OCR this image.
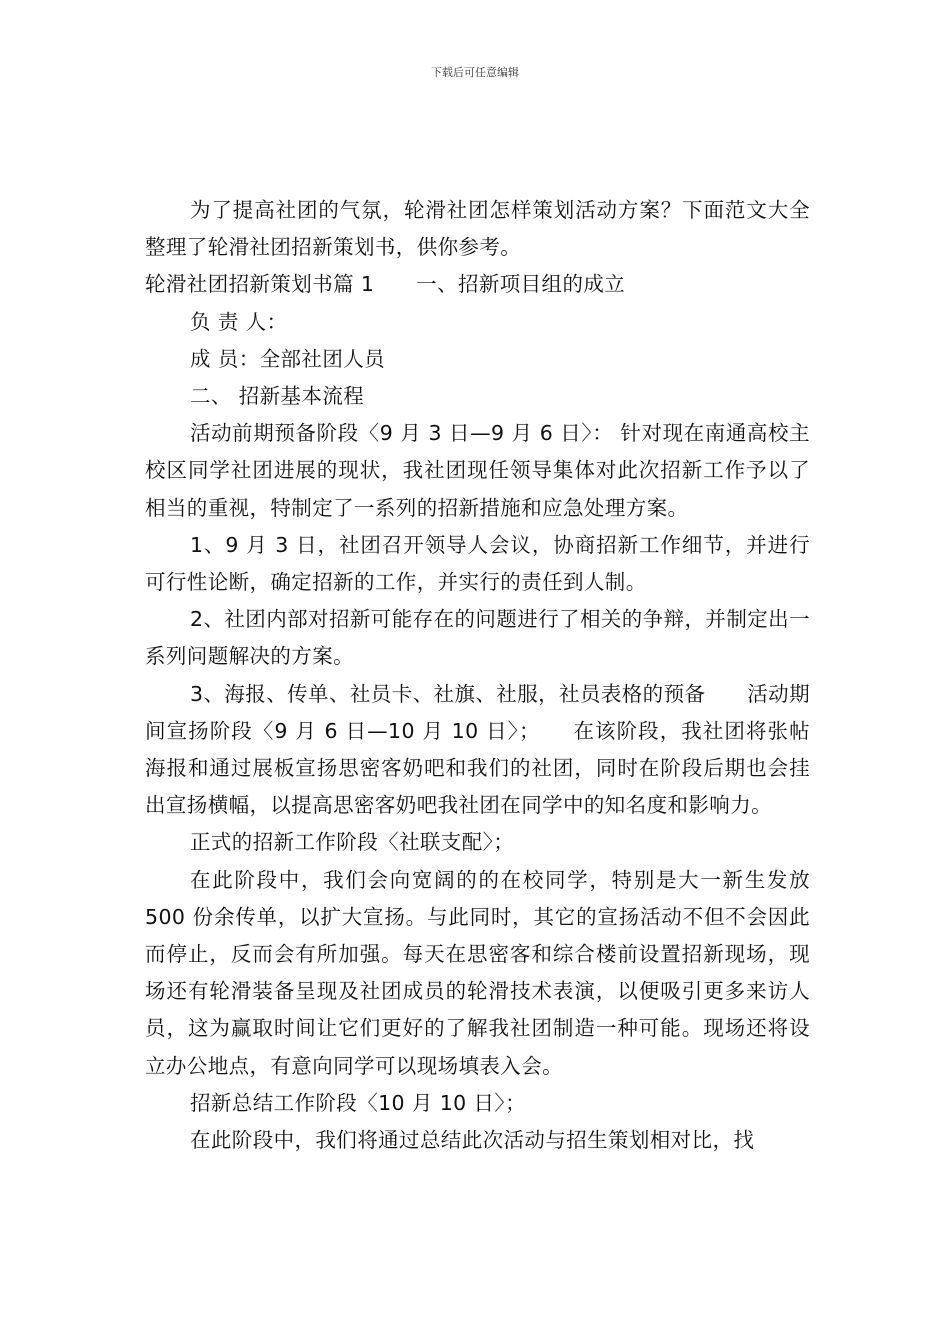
下载后可任意编辑

为了提高社团的气氛，轮滑社团怎样策划活动方案？下面范文大全整理了轮滑社团招新策划书，供你参考。

轮滑社团招新策划书篇 1　　一、招新项目组的成立

负 责 人：

成 员：全部社团人员

二、 招新基本流程

活动前期预备阶段〈9 月 3 日—9 月 6 日〉： 针对现在南通高校主校区同学社团进展的现状，我社团现任领导集体对此次招新工作予以了相当的重视，特制定了一系列的招新措施和应急处理方案。

1、9 月 3 日，社团召开领导人会议，协商招新工作细节，并进行可行性论断，确定招新的工作，并实行的责任到人制。

2、社团内部对招新可能存在的问题进行了相关的争辩，并制定出一系列问题解决的方案。

3、海报、传单、社员卡、社旗、社服，社员表格的预备　　活动期间宣扬阶段〈9 月 6 日—10 月 10 日〉；　　在该阶段，我社团将张帖海报和通过展板宣扬思密客奶吧和我们的社团，同时在阶段后期也会挂出宣扬横幅，以提高思密客奶吧我社团在同学中的知名度和影响力。

正式的招新工作阶段〈社联支配〉；

在此阶段中，我们会向宽阔的的在校同学，特别是大一新生发放 500 份余传单，以扩大宣扬。与此同时，其它的宣扬活动不但不会因此而停止，反而会有所加强。每天在思密客和综合楼前设置招新现场，现场还有轮滑装备呈现及社团成员的轮滑技术表演，以便吸引更多来访人员，这为赢取时间让它们更好的了解我社团制造一种可能。现场还将设立办公地点，有意向同学可以现场填表入会。

招新总结工作阶段〈10 月 10 日〉；

在此阶段中，我们将通过总结此次活动与招生策划相对比，找
